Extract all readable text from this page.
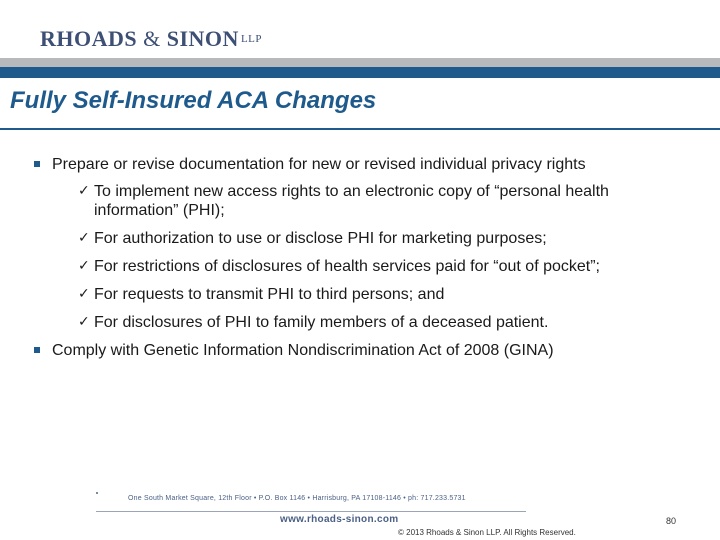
RHOADS & SINON LLP
Fully Self-Insured ACA Changes
Prepare or revise documentation for new or revised individual privacy rights
✓ To implement new access rights to an electronic copy of “personal health information” (PHI);
✓ For authorization to use or disclose PHI for marketing purposes;
✓ For restrictions of disclosures of health services paid for “out of pocket”;
✓ For requests to transmit PHI to third persons; and
✓ For disclosures of PHI to family members of a deceased patient.
Comply with Genetic Information Nondiscrimination Act of 2008 (GINA)
One South Market Square, 12th Floor • P.O. Box 1146 • Harrisburg, PA 17108-1146 • ph: 717.233.5731
www.rhoads-sinon.com
© 2013 Rhoads & Sinon LLP. All Rights Reserved.
80
